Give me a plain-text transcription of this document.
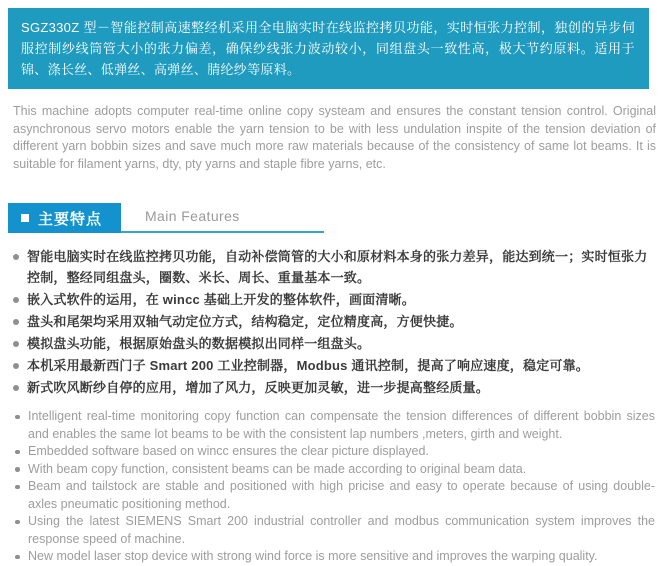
SGZ330Z 型－智能控制高速整经机采用全电脑实时在线监控拷贝功能，实时恒张力控制，独创的异步伺服控制纱线筒管大小的张力偏差，确保纱线张力波动较小，同组盘头一致性高，极大节约原料。适用于锦、涤长丝、低弹丝、高弹丝、腈纶纱等原料。

This machine adopts computer real-time online copy systeam and ensures the constant tension control. Original asynchronous servo motors enable the yarn tension to be with less undulation inspite of the tension deviation of different yarn bobbin sizes and save much more raw materials because of the consistency of same lot beams. It is suitable for filament yarns, dty, pty yarns and staple fibre yarns, etc.

主要特点	Main Features
智能电脑实时在线监控拷贝功能，自动补偿筒管的大小和原材料本身的张力差异，能达到统一；实时恒张力控制，整经同组盘头，圈数、米长、周长、重量基本一致。
嵌入式软件的运用，在 wincc 基础上开发的整体软件，画面清晰。
盘头和尾架均采用双轴气动定位方式，结构稳定，定位精度高，方便快捷。
模拟盘头功能，根据原始盘头的数据模拟出同样一组盘头。
本机采用最新西门子 Smart 200 工业控制器，Modbus 通讯控制，提高了响应速度，稳定可靠。
新式吹风断纱自停的应用，增加了风力，反映更加灵敏，进一步提高整经质量。
Intelligent real-time monitoring copy function can compensate the tension differences of different bobbin sizes and enables the same lot beams to be with the consistent lap numbers ,meters, girth and weight.
Embedded software based on wincc ensures the clear picture displayed.
With beam copy function, consistent beams can be made according to original beam data.
Beam and tailstock are stable and positioned with high pricise and easy to operate because of using double-axles pneumatic positioning method.
Using the latest SIEMENS Smart 200 industrial controller and modbus communication system improves the response speed of machine.
New model laser stop device with strong wind force is more sensitive and improves the warping quality.
